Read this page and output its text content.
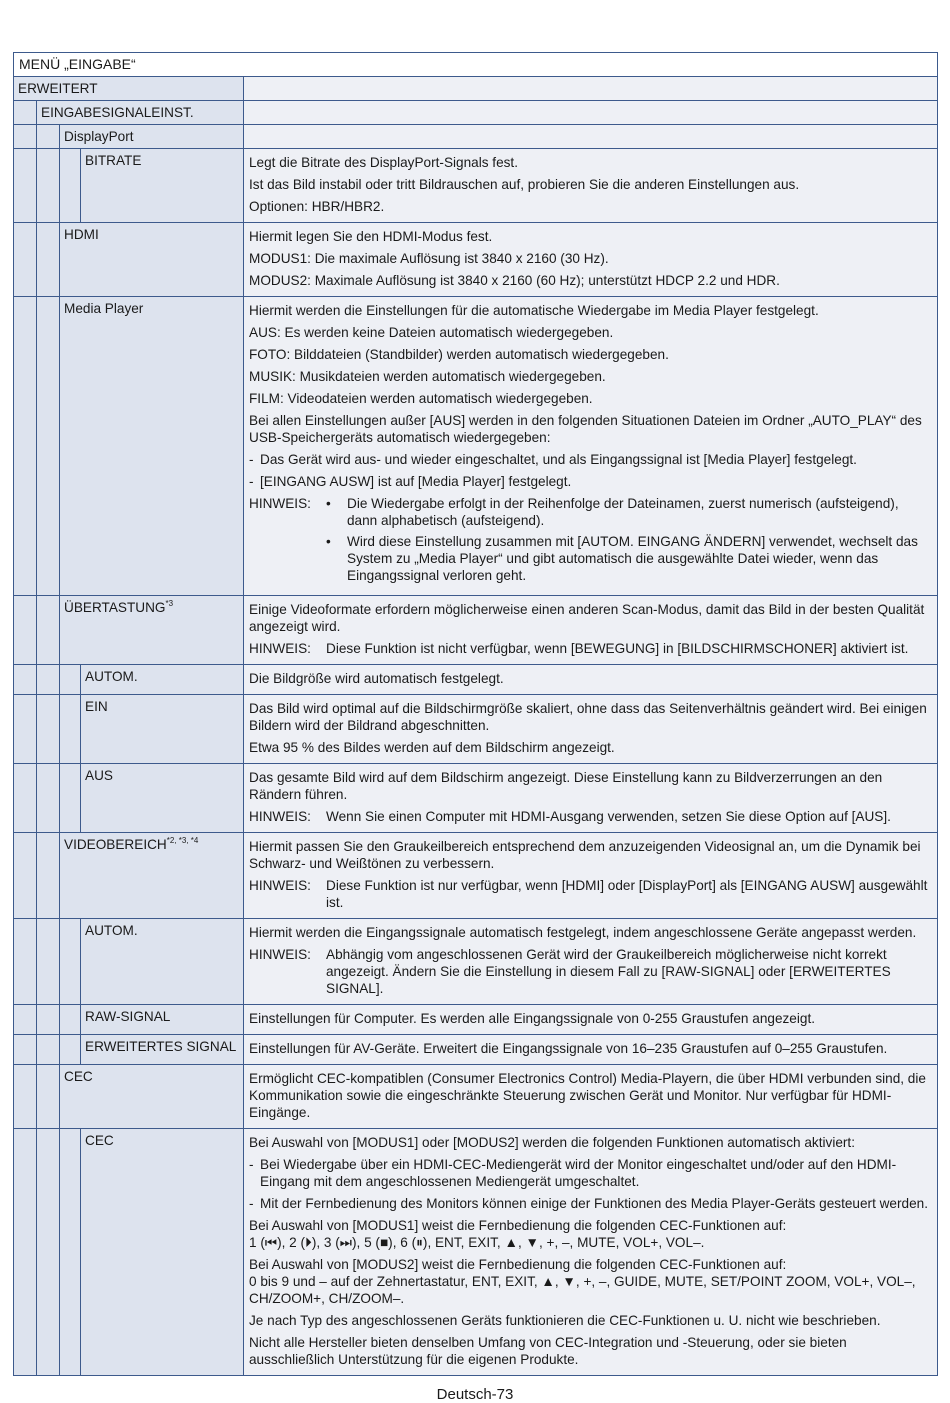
MENÜ „EINGABE“
ERWEITERT
EINGABESIGNALEINST.
DisplayPort
BITRATE	Legt die Bitrate des DisplayPort-Signals fest.
Ist das Bild instabil oder tritt Bildrauschen auf, probieren Sie die anderen Einstellungen aus.
Optionen: HBR/HBR2.
HDMI	Hiermit legen Sie den HDMI-Modus fest.
MODUS1: Die maximale Auflösung ist 3840 x 2160 (30 Hz).
MODUS2: Maximale Auflösung ist 3840 x 2160 (60 Hz); unterstützt HDCP 2.2 und HDR.
Media Player	Hiermit werden die Einstellungen für die automatische Wiedergabe im Media Player festgelegt.
AUS: Es werden keine Dateien automatisch wiedergegeben.
FOTO: Bilddateien (Standbilder) werden automatisch wiedergegeben.
MUSIK: Musikdateien werden automatisch wiedergegeben.
FILM: Videodateien werden automatisch wiedergegeben.
Bei allen Einstellungen außer [AUS] werden in den folgenden Situationen Dateien im Ordner „AUTO_PLAY“ des USB-Speichergeräts automatisch wiedergegeben:
- Das Gerät wird aus- und wieder eingeschaltet, und als Eingangssignal ist [Media Player] festgelegt.
- [EINGANG AUSW] ist auf [Media Player] festgelegt.
HINWEIS:	•	Die Wiedergabe erfolgt in der Reihenfolge der Dateinamen, zuerst numerisch (aufsteigend), dann alphabetisch (aufsteigend).
•	Wird diese Einstellung zusammen mit [AUTOM. EINGANG ÄNDERN] verwendet, wechselt das System zu „Media Player“ und gibt automatisch die ausgewählte Datei wieder, wenn das Eingangssignal verloren geht.
ÜBERTASTUNG$^{*3}$	Einige Videoformate erfordern möglicherweise einen anderen Scan-Modus, damit das Bild in der besten Qualität angezeigt wird.
HINWEIS:	Diese Funktion ist nicht verfügbar, wenn [BEWEGUNG] in [BILDSCHIRMSCHONER] aktiviert ist.
AUTOM.	Die Bildgröße wird automatisch festgelegt.
EIN	Das Bild wird optimal auf die Bildschirmgröße skaliert, ohne dass das Seitenverhältnis geändert wird. Bei einigen Bildern wird der Bildrand abgeschnitten.
Etwa 95 % des Bildes werden auf dem Bildschirm angezeigt.
AUS	Das gesamte Bild wird auf dem Bildschirm angezeigt. Diese Einstellung kann zu Bildverzerrungen an den Rändern führen.
HINWEIS:	Wenn Sie einen Computer mit HDMI-Ausgang verwenden, setzen Sie diese Option auf [AUS].
$VIDEOBEREICH^{*2, *3, *4}$	Hiermit passen Sie den Graukeilbereich entsprechend dem anzuzeigenden Videosignal an, um die Dynamik bei Schwarz- und Weißtönen zu verbessern.
HINWEIS:	Diese Funktion ist nur verfügbar, wenn [HDMI] oder [DisplayPort] als [EINGANG AUSW] ausgewählt ist.
AUTOM.	Hiermit werden die Eingangssignale automatisch festgelegt, indem angeschlossene Geräte angepasst werden.
HINWEIS:	Abhängig vom angeschlossenen Gerät wird der Graukeilbereich möglicherweise nicht korrekt angezeigt. Ändern Sie die Einstellung in diesem Fall zu [RAW-SIGNAL] oder [ERWEITERTES SIGNAL].
RAW-SIGNAL	Einstellungen für Computer. Es werden alle Eingangssignale von 0-255 Graustufen angezeigt.
ERWEITERTES SIGNAL Einstellungen für AV-Geräte. Erweitert die Eingangssignale von 16–235 Graustufen auf 0–255 Graustufen.
CEC	Ermöglicht CEC-kompatiblen (Consumer Electronics Control) Media-Playern, die über HDMI verbunden sind, die Kommunikation sowie die eingeschränkte Steuerung zwischen Gerät und Monitor. Nur verfügbar für HDMI-Eingänge.
CEC	Bei Auswahl von [MODUS1] oder [MODUS2] werden die folgenden Funktionen automatisch aktiviert:
- Bei Wiedergabe über ein HDMI-CEC-Mediengerät wird der Monitor eingeschaltet und/oder auf den HDMI-Eingang mit dem angeschlossenen Mediengerät umgeschaltet.
- Mit der Fernbedienung des Monitors können einige der Funktionen des Media Player-Geräts gesteuert werden.
Bei Auswahl von [MODUS1] weist die Fernbedienung die folgenden CEC-Funktionen auf:
1 (⏮), 2 (⏵), 3 (⏭), 5 (■), 6 (⏸), ENT, EXIT, ▲, ▼, +, –, MUTE, VOL+, VOL–.
Bei Auswahl von [MODUS2] weist die Fernbedienung die folgenden CEC-Funktionen auf:
0 bis 9 und – auf der Zehnertastatur, ENT, EXIT, ▲, ▼, +, –, GUIDE, MUTE, SET/POINT ZOOM, VOL+, VOL–, CH/ZOOM+, CH/ZOOM–.
Je nach Typ des angeschlossenen Geräts funktionieren die CEC-Funktionen u. U. nicht wie beschrieben.
Nicht alle Hersteller bieten denselben Umfang von CEC-Integration und -Steuerung, oder sie bieten ausschließlich Unterstützung für die eigenen Produkte.
Deutsch-73
